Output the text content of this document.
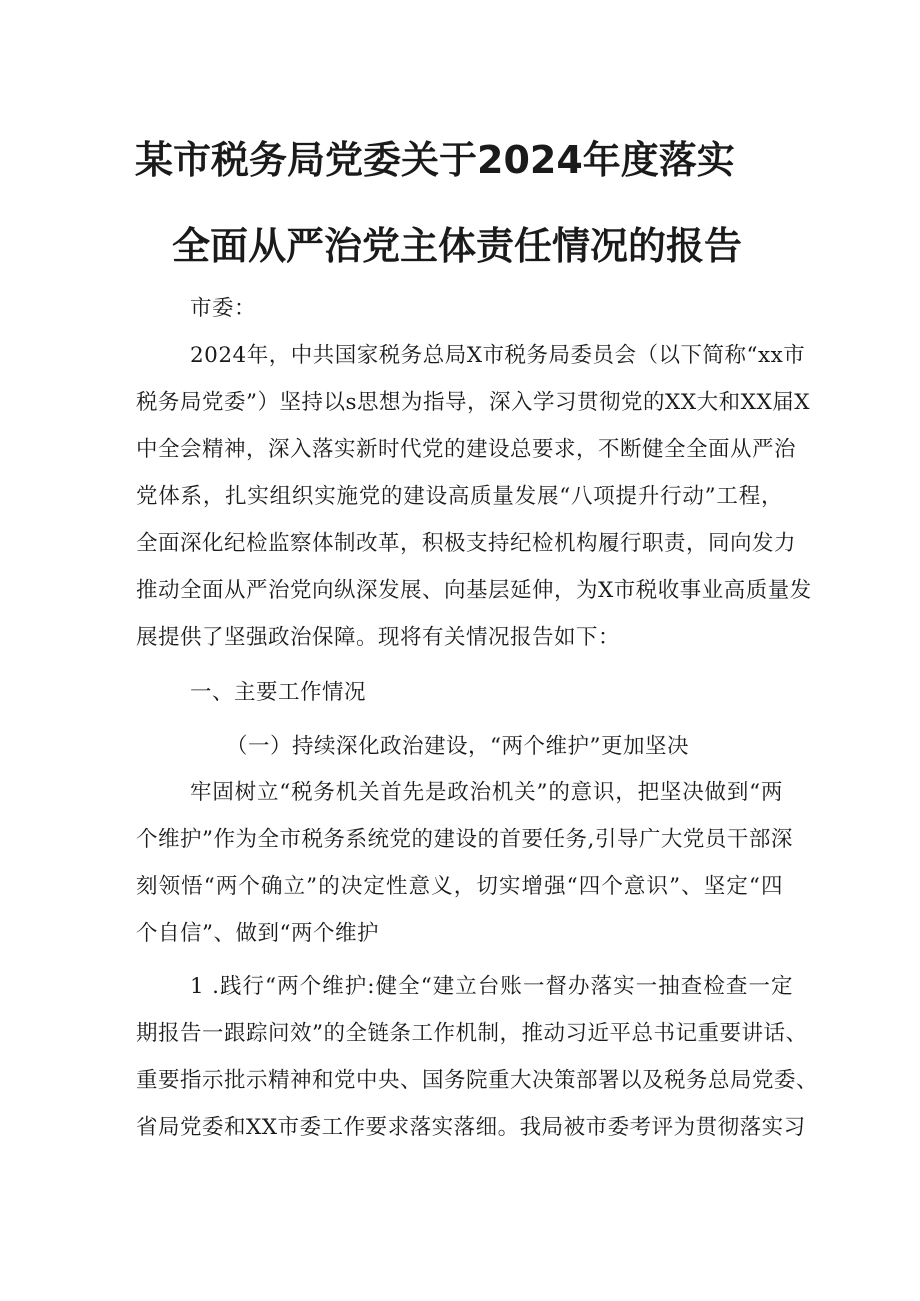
某市税务局党委关于2024年度落实
全面从严治党主体责任情况的报告
市委：
2024年，中共国家税务总局X市税务局委员会（以下简称“xx市
税务局党委”）坚持以s思想为指导，深入学习贯彻党的XX大和XX届X
中全会精神，深入落实新时代党的建设总要求，不断健全全面从严治
党体系，扎实组织实施党的建设高质量发展“八项提升行动”工程，
全面深化纪检监察体制改革，积极支持纪检机构履行职责，同向发力
推动全面从严治党向纵深发展、向基层延伸，为X市税收事业高质量发
展提供了坚强政治保障。现将有关情况报告如下：
一、主要工作情况
（一）持续深化政治建设，“两个维护”更加坚决
牢固树立“税务机关首先是政治机关”的意识，把坚决做到“两
个维护”作为全市税务系统党的建设的首要任务,引导广大党员干部深
刻领悟“两个确立”的决定性意义，切实增强“四个意识”、坚定“四
个自信”、做到“两个维护
1 .践行“两个维护:健全“建立台账一督办落实一抽查检查一定
期报告一跟踪问效”的全链条工作机制，推动习近平总书记重要讲话、
重要指示批示精神和党中央、国务院重大决策部署以及税务总局党委、
省局党委和XX市委工作要求落实落细。我局被市委考评为贯彻落实习
